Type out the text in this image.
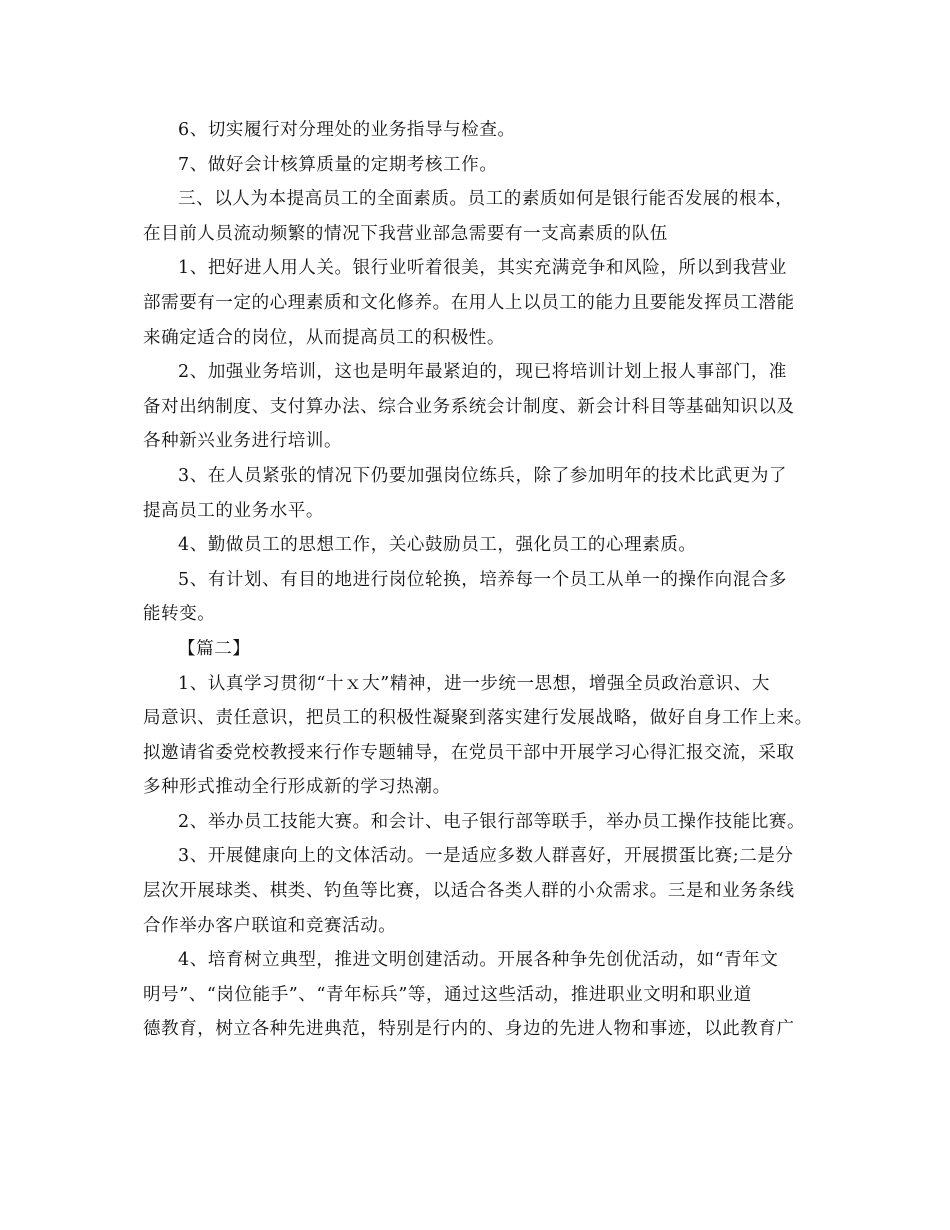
6、切实履行对分理处的业务指导与检查。

7、做好会计核算质量的定期考核工作。

三、以人为本提高员工的全面素质。员工的素质如何是银行能否发展的根本，
在目前人员流动频繁的情况下我营业部急需要有一支高素质的队伍

1、把好进人用人关。银行业听着很美，其实充满竞争和风险，所以到我营业
部需要有一定的心理素质和文化修养。在用人上以员工的能力且要能发挥员工潜能
来确定适合的岗位，从而提高员工的积极性。

2、加强业务培训，这也是明年最紧迫的，现已将培训计划上报人事部门，准
备对出纳制度、支付算办法、综合业务系统会计制度、新会计科目等基础知识以及
各种新兴业务进行培训。

3、在人员紧张的情况下仍要加强岗位练兵，除了参加明年的技术比武更为了
提高员工的业务水平。

4、勤做员工的思想工作，关心鼓励员工，强化员工的心理素质。

5、有计划、有目的地进行岗位轮换，培养每一个员工从单一的操作向混合多
能转变。

【篇二】

1、认真学习贯彻“十ｘ大”精神，进一步统一思想，增强全员政治意识、大
局意识、责任意识，把员工的积极性凝聚到落实建行发展战略，做好自身工作上来。
拟邀请省委党校教授来行作专题辅导，在党员干部中开展学习心得汇报交流，采取
多种形式推动全行形成新的学习热潮。

2、举办员工技能大赛。和会计、电子银行部等联手，举办员工操作技能比赛。

3、开展健康向上的文体活动。一是适应多数人群喜好，开展掼蛋比赛;二是分
层次开展球类、棋类、钓鱼等比赛，以适合各类人群的小众需求。三是和业务条线
合作举办客户联谊和竞赛活动。

4、培育树立典型，推进文明创建活动。开展各种争先创优活动，如“青年文
明号”、“岗位能手”、“青年标兵”等，通过这些活动，推进职业文明和职业道
德教育，树立各种先进典范，特别是行内的、身边的先进人物和事迹，以此教育广
